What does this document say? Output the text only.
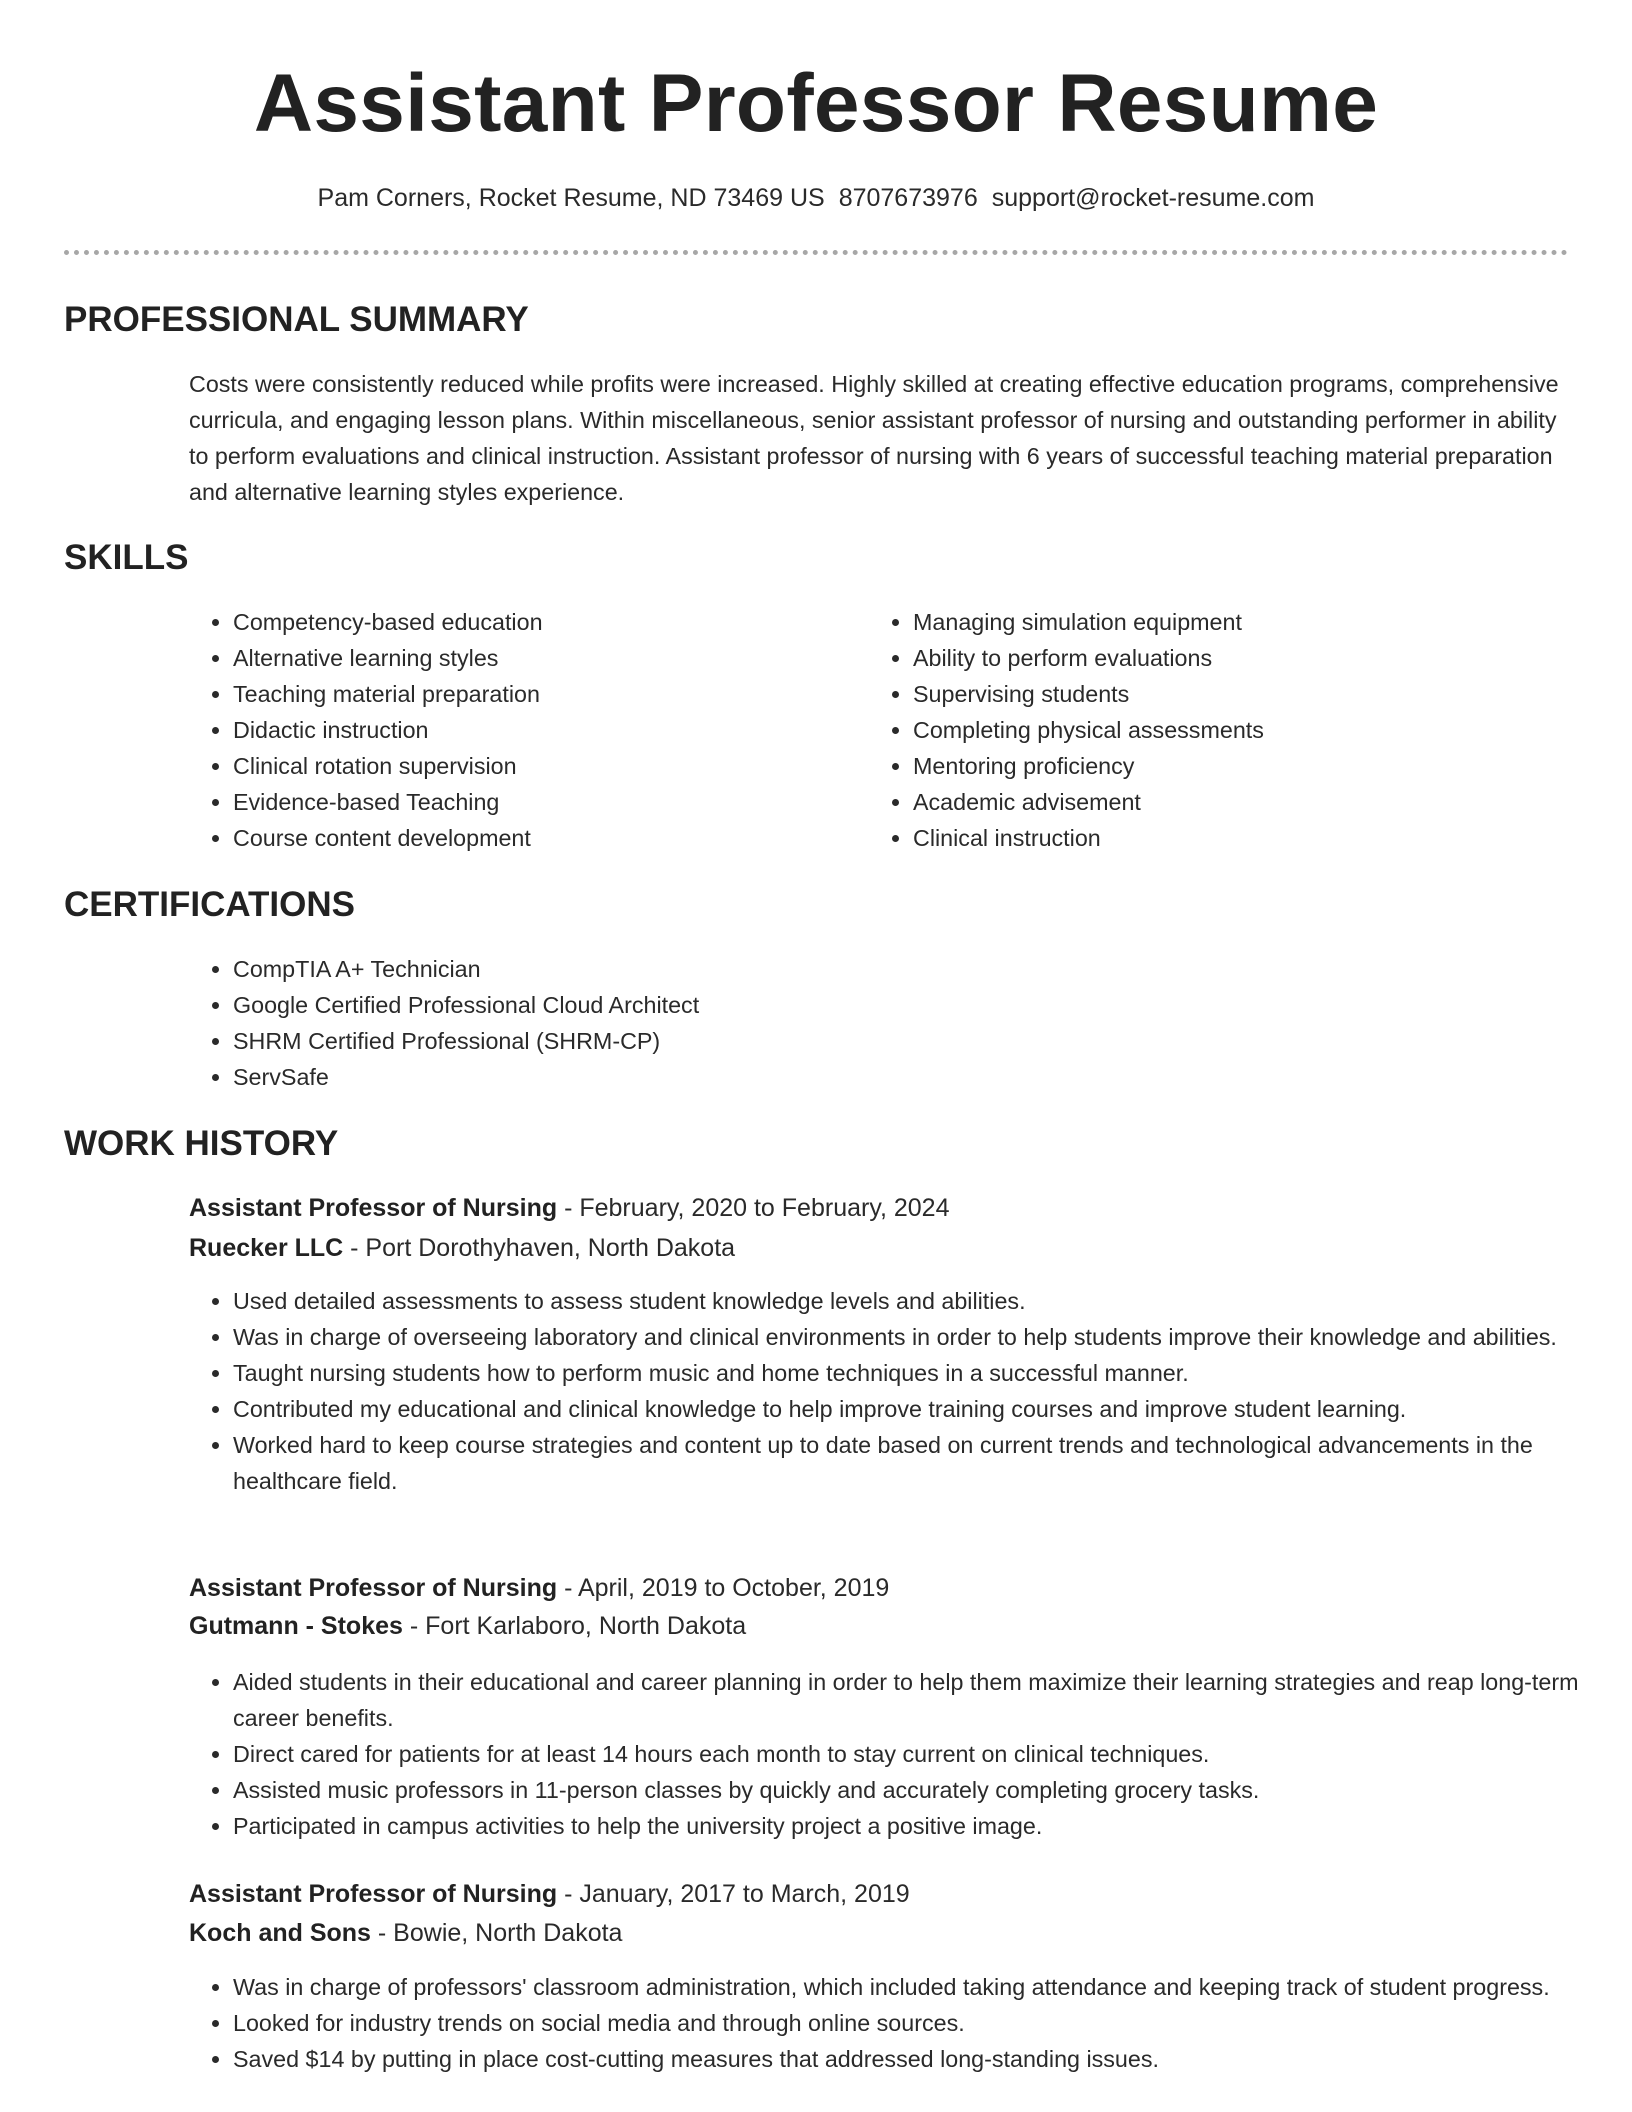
Assistant Professor Resume
Pam Corners, Rocket Resume, ND 73469 US 8707673976 support@rocket-resume.com
PROFESSIONAL SUMMARY

Costs were consistently reduced while profits were increased. Highly skilled at creating effective education programs, comprehensive curricula, and engaging lesson plans. Within miscellaneous, senior assistant professor of nursing and outstanding performer in ability to perform evaluations and clinical instruction. Assistant professor of nursing with 6 years of successful teaching material preparation and alternative learning styles experience.

SKILLS
• Competency-based education
• Alternative learning styles
• Teaching material preparation
• Didactic instruction
• Clinical rotation supervision
• Evidence-based Teaching
• Course content development
• Managing simulation equipment
• Ability to perform evaluations
• Supervising students
• Completing physical assessments
• Mentoring proficiency
• Academic advisement
• Clinical instruction
CERTIFICATIONS
• CompTIA A+ Technician
• Google Certified Professional Cloud Architect
• SHRM Certified Professional (SHRM-CP)
• ServSafe
WORK HISTORY
Assistant Professor of Nursing - February, 2020 to February, 2024
Ruecker LLC - Port Dorothyhaven, North Dakota
• Used detailed assessments to assess student knowledge levels and abilities.
• Was in charge of overseeing laboratory and clinical environments in order to help students improve their knowledge and abilities.
• Taught nursing students how to perform music and home techniques in a successful manner.
• Contributed my educational and clinical knowledge to help improve training courses and improve student learning.
• Worked hard to keep course strategies and content up to date based on current trends and technological advancements in the healthcare field.
Assistant Professor of Nursing - April, 2019 to October, 2019
Gutmann - Stokes - Fort Karlaboro, North Dakota
• Aided students in their educational and career planning in order to help them maximize their learning strategies and reap long-term career benefits.
• Direct cared for patients for at least 14 hours each month to stay current on clinical techniques.
• Assisted music professors in 11-person classes by quickly and accurately completing grocery tasks.
• Participated in campus activities to help the university project a positive image.
Assistant Professor of Nursing - January, 2017 to March, 2019
Koch and Sons - Bowie, North Dakota
• Was in charge of professors' classroom administration, which included taking attendance and keeping track of student progress.
• Looked for industry trends on social media and through online sources.
• Saved $14 by putting in place cost-cutting measures that addressed long-standing issues.
